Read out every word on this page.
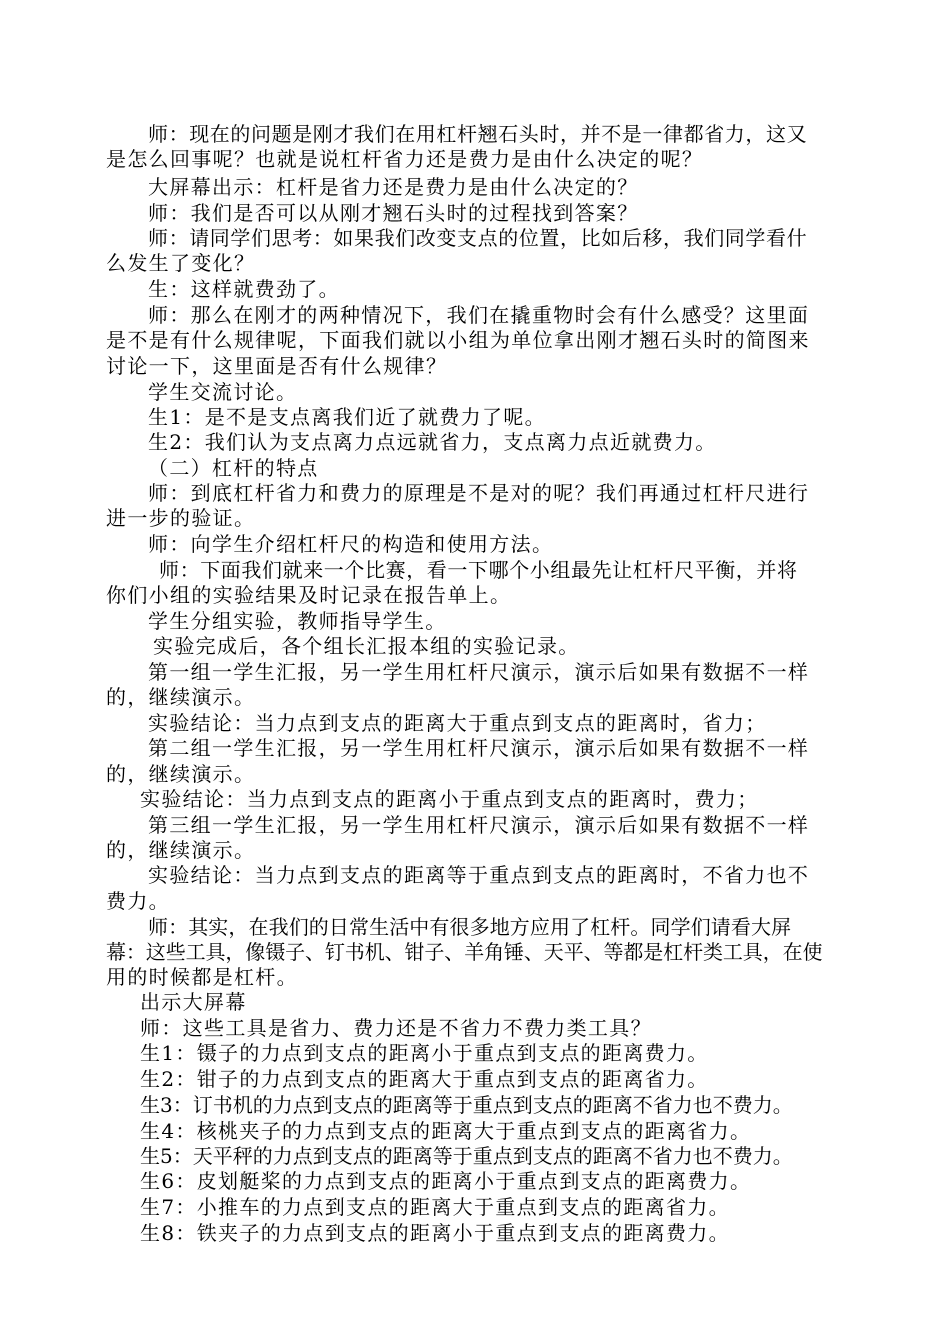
师：现在的问题是刚才我们在用杠杆翘石头时，并不是一律都省力，这又
是怎么回事呢？也就是说杠杆省力还是费力是由什么决定的呢？
大屏幕出示：杠杆是省力还是费力是由什么决定的？
师：我们是否可以从刚才翘石头时的过程找到答案？
师：请同学们思考：如果我们改变支点的位置，比如后移，我们同学看什
么发生了变化？
生：这样就费劲了。
师：那么在刚才的两种情况下，我们在撬重物时会有什么感受？这里面
是不是有什么规律呢，下面我们就以小组为单位拿出刚才翘石头时的简图来
讨论一下，这里面是否有什么规律？
学生交流讨论。
生1：是不是支点离我们近了就费力了呢。
生2：我们认为支点离力点远就省力，支点离力点近就费力。
（二）杠杆的特点
师：到底杠杆省力和费力的原理是不是对的呢？我们再通过杠杆尺进行
进一步的验证。
师：向学生介绍杠杆尺的构造和使用方法。
师：下面我们就来一个比赛，看一下哪个小组最先让杠杆尺平衡，并将
你们小组的实验结果及时记录在报告单上。
学生分组实验，教师指导学生。
实验完成后，各个组长汇报本组的实验记录。
第一组一学生汇报，另一学生用杠杆尺演示，演示后如果有数据不一样
的，继续演示。
实验结论：当力点到支点的距离大于重点到支点的距离时，省力；
第二组一学生汇报，另一学生用杠杆尺演示，演示后如果有数据不一样
的，继续演示。
实验结论：当力点到支点的距离小于重点到支点的距离时，费力；
第三组一学生汇报，另一学生用杠杆尺演示，演示后如果有数据不一样
的，继续演示。
实验结论：当力点到支点的距离等于重点到支点的距离时，不省力也不
费力。
师：其实，在我们的日常生活中有很多地方应用了杠杆。同学们请看大屏
幕：这些工具，像镊子、钉书机、钳子、羊角锤、天平、等都是杠杆类工具，在使
用的时候都是杠杆。
出示大屏幕
师：这些工具是省力、费力还是不省力不费力类工具？
生1：镊子的力点到支点的距离小于重点到支点的距离费力。
生2：钳子的力点到支点的距离大于重点到支点的距离省力。
生3：订书机的力点到支点的距离等于重点到支点的距离不省力也不费力。
生4：核桃夹子的力点到支点的距离大于重点到支点的距离省力。
生5：天平秤的力点到支点的距离等于重点到支点的距离不省力也不费力。
生6：皮划艇桨的力点到支点的距离小于重点到支点的距离费力。
生7：小推车的力点到支点的距离大于重点到支点的距离省力。
生8：铁夹子的力点到支点的距离小于重点到支点的距离费力。
